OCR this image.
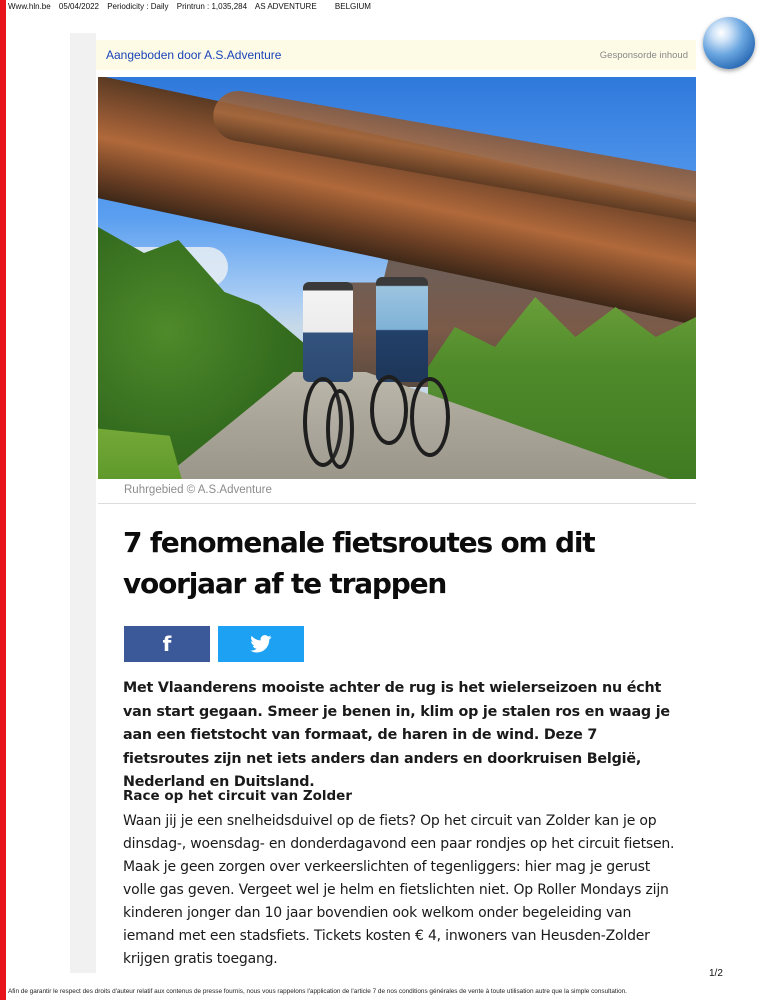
Www.hln.be 05/04/2022 Periodicity : Daily Printrun : 1,035,284 AS ADVENTURE BELGIUM
Aangeboden door A.S.Adventure	Gesponsorde inhoud
Ruhrgebied © A.S.Adventure
7 fenomenale fietsroutes om dit voorjaar af te trappen
f

Met Vlaanderens mooiste achter de rug is het wielerseizoen nu écht van start gegaan. Smeer je benen in, klim op je stalen ros en waag je aan een fietstocht van formaat, de haren in de wind. Deze 7 fietsroutes zijn net iets anders dan anders en doorkruisen België, Nederland en Duitsland.

Race op het circuit van Zolder

Waan jij je een snelheidsduivel op de fiets? Op het circuit van Zolder kan je op dinsdag-, woensdag- en donderdagavond een paar rondjes op het circuit fietsen. Maak je geen zorgen over verkeerslichten of tegenliggers: hier mag je gerust volle gas geven. Vergeet wel je helm en fietslichten niet. Op Roller Mondays zijn kinderen jonger dan 10 jaar bovendien ook welkom onder begeleiding van iemand met een stadsfiets. Tickets kosten € 4, inwoners van Heusden-Zolder krijgen gratis toegang.

1/2
Afin de garantir le respect des droits d'auteur relatif aux contenus de presse fournis, nous vous rappelons l'application de l'article 7 de nos conditions générales de vente à toute utilisation autre que la simple consultation.
